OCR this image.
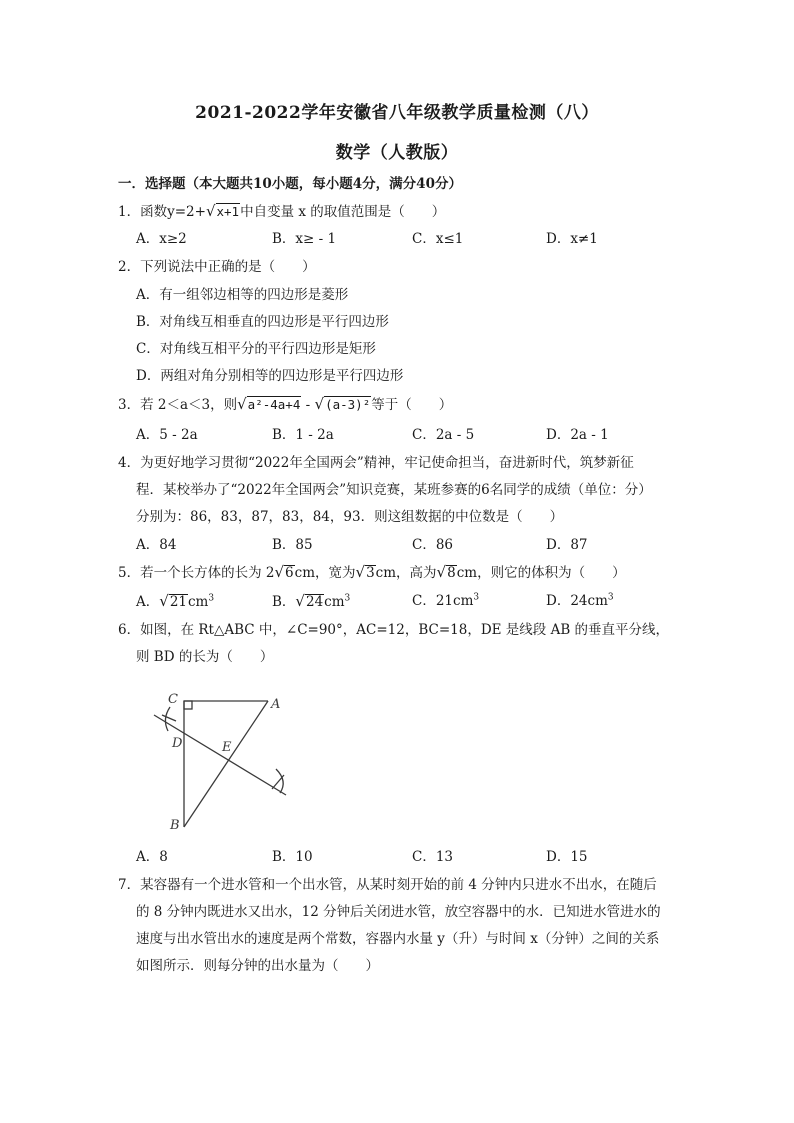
2021-2022学年安徽省八年级教学质量检测（八）
数学（人教版）
一．选择题（本大题共10小题，每小题4分，满分40分）
1．函数y=2+√x+1中自变量 x 的取值范围是（　　）
A．x≥2	B．x≥ - 1	C．x≤1	D．x≠1
2．下列说法中正确的是（　　）
A．有一组邻边相等的四边形是菱形
B．对角线互相垂直的四边形是平行四边形
C．对角线互相平分的平行四边形是矩形
D．两组对角分别相等的四边形是平行四边形
3．若 2＜a＜3，则√a²-4a+4 - √(a-3)²等于（　　）
A．5 - 2a	B．1 - 2a	C．2a - 5	D．2a - 1
4．为更好地学习贯彻“2022年全国两会”精神，牢记使命担当，奋进新时代，筑梦新征
程．某校举办了“2022年全国两会”知识竞赛，某班参赛的6名同学的成绩（单位：分）
分别为：86，83，87，83，84，93．则这组数据的中位数是（　　）
A．84	B．85	C．86	D．87
5．若一个长方体的长为 2√6cm，宽为√3cm，高为√8cm，则它的体积为（　　）
A．$√21cm^3$	B．$√24cm^3$	C．$21cm^3$	D．$24cm^3$
6．如图，在 Rt△ABC 中，∠C=90°，AC=12，BC=18，DE 是线段 AB 的垂直平分线，
则 BD 的长为（　　）
C	A
D	E
B
A．8	B．10	C．13	D．15
7．某容器有一个进水管和一个出水管，从某时刻开始的前 4 分钟内只进水不出水，在随后
的 8 分钟内既进水又出水，12 分钟后关闭进水管，放空容器中的水．已知进水管进水的
速度与出水管出水的速度是两个常数，容器内水量 y（升）与时间 x（分钟）之间的关系
如图所示．则每分钟的出水量为（　　）
